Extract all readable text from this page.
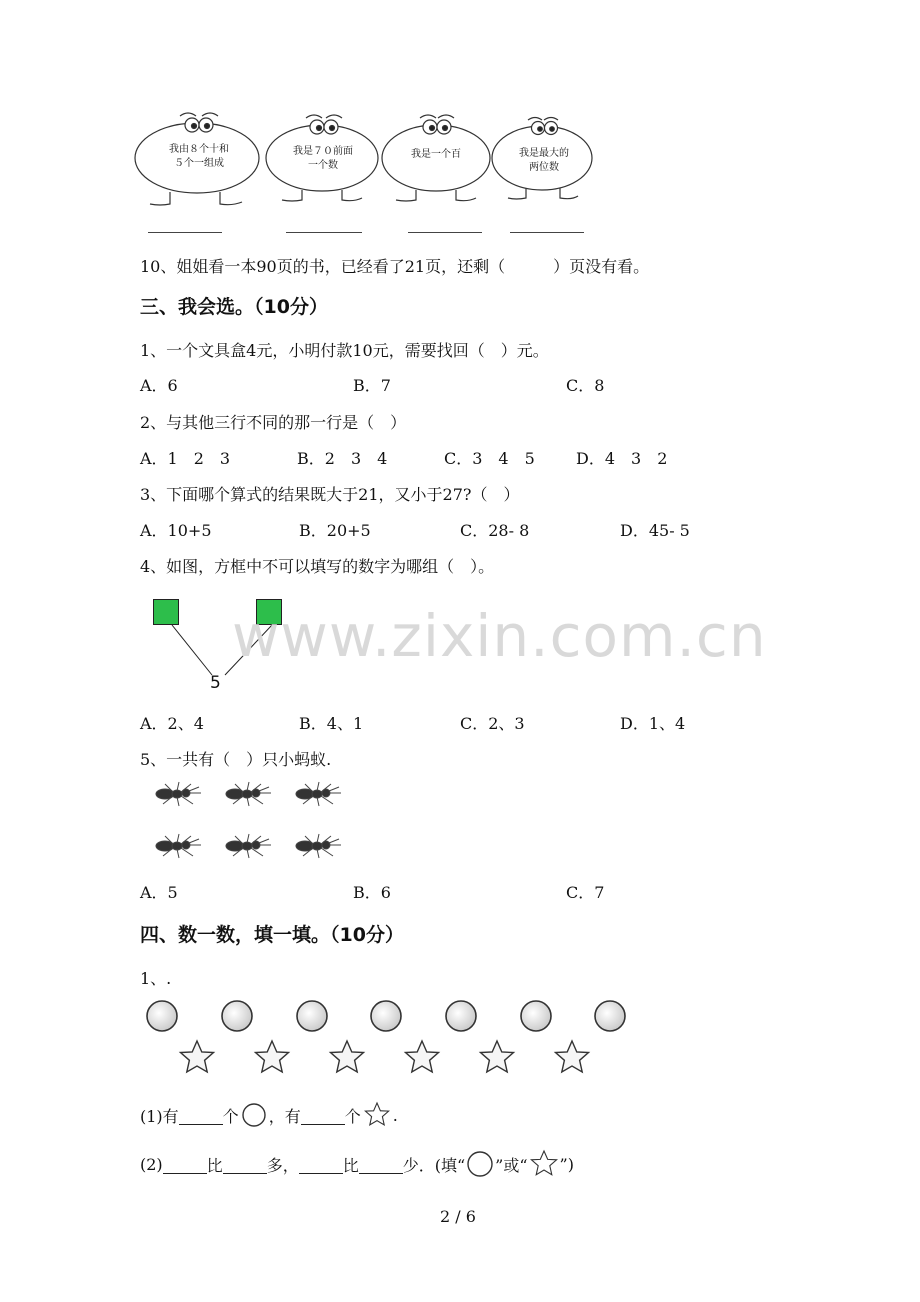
我由８个十和
５个一组成
我是７０前面
一个数
我是一个百	我是最大的
两位数
10、姐姐看一本90页的书，已经看了21页，还剩（　　　）页没有看。
三、我会选。（10分）
1、一个文具盒4元，小明付款10元，需要找回（　）元。
A．6	B．7	C．8
2、与其他三行不同的那一行是（　）
A．1　2　3	B．2　3　4	C．3　4　5	D．4　3　2
3、下面哪个算式的结果既大于21，又小于27?（　）
A．10+5	B．20+5	C．28- 8	D．45- 5
4、如图，方框中不可以填写的数字为哪组（　）。
5
www.zixin.com.cn
A．2、4	B．4、1	C．2、3	D．1、4
5、一共有（　）只小蚂蚁.
A．5	B．6	C．7
四、数一数，填一填。（10分）
1、.
(1)有
	个 ，有
	个 .
(2)
	比
	多，
	比
	少．(填“ ”或“ ”)
2 / 6
